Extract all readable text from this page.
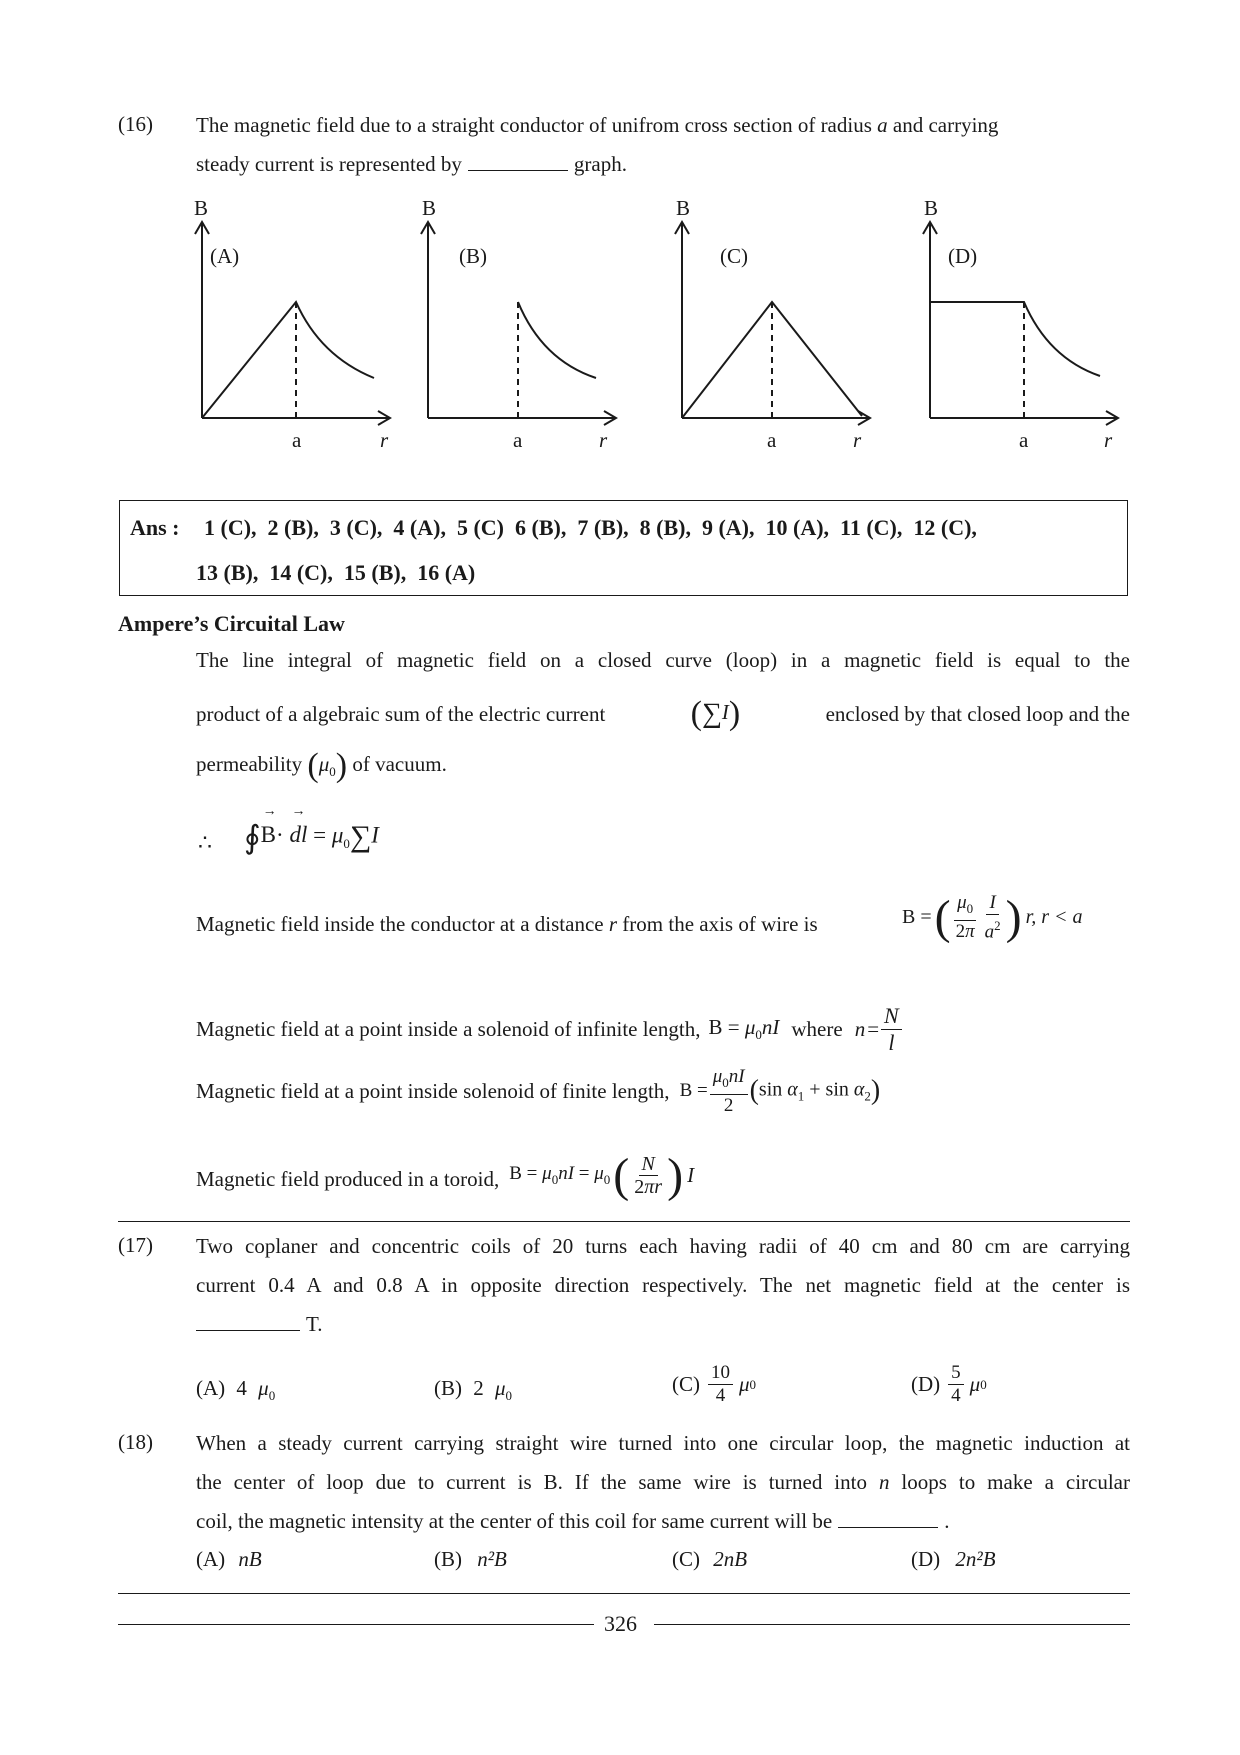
(16) The magnetic field due to a straight conductor of unifrom cross section of radius a and carrying
steady current is represented by	graph.
B
(A)
a	r
B
(B)
a	r
B
(C)
a	r
B
(D)
a	r
Ans : 1 (C),  2 (B),  3 (C),  4 (A),  5 (C)  6 (B),  7 (B),  8 (B),  9 (A),  10 (A),  11 (C),  12 (C),
13 (B),  14 (C),  15 (B),  16 (A)
Ampere’s Circuital Law
The line integral of magnetic field on a closed curve (loop) in a magnetic field is equal to the
product of a algebraic sum of the electric current	(∑I)	enclosed by that closed loop and the
permeability $(\mu_0)$ of vacuum.
∴ ∮B
→
· dl
→
= $\mu_0\sum I$
Magnetic field inside the conductor at a distance r from the axis of wire is	B = ( $\frac{\mu_0}{2\pi} \frac{I}{a^2}$ ) r, r < a
Magnetic field at a point inside a solenoid of infinite length, $B = \mu_0nI$ where $n = \frac{N}{l}$
Magnetic field at a point inside solenoid of finite length, $B = \frac{\mu_0nI}{2} (\sin$ $\alpha_1 + \sin \alpha_2$)
Magnetic field produced in a toroid, $B = \mu_0nI = \mu_0$ ( $\frac{N}{2\pi r}$ ) I
(17) Two coplaner and concentric coils of 20 turns each having radii of 40 cm and 80 cm are carrying
current 0.4 A and 0.8 A in opposite direction respectively. The net magnetic field at the center is
T.
(A) 4 $\mu_0$	(B) 2 $\mu_0$	$(C) \frac{10}{4}$ μ 0	$(D) \frac{5}{4}$ μ 0
(18) When a steady current carrying straight wire turned into one circular loop, the magnetic induction at
the center of loop due to current is B. If the same wire is turned into n loops to make a circular
coil, the magnetic intensity at the center of this coil for same current will be	.
(A) nB	(B) n²B	(C) 2nB	(D) 2n²B
326
